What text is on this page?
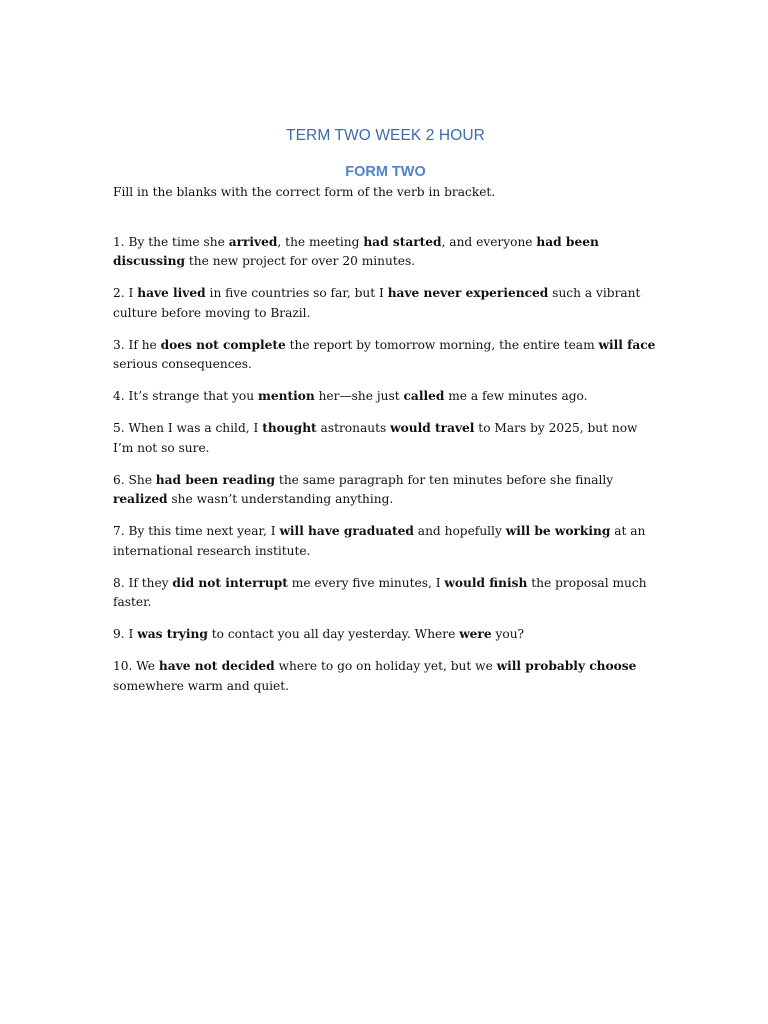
TERM TWO WEEK 2 HOUR
FORM TWO

Fill in the blanks with the correct form of the verb in bracket.

1. By the time she arrived, the meeting had started, and everyone had been discussing the new project for over 20 minutes.
2. I have lived in five countries so far, but I have never experienced such a vibrant culture before moving to Brazil.
3. If he does not complete the report by tomorrow morning, the entire team will face serious consequences.
4. It’s strange that you mention her—she just called me a few minutes ago.
5. When I was a child, I thought astronauts would travel to Mars by 2025, but now I’m not so sure.
6. She had been reading the same paragraph for ten minutes before she finally realized she wasn’t understanding anything.
7. By this time next year, I will have graduated and hopefully will be working at an international research institute.
8. If they did not interrupt me every five minutes, I would finish the proposal much faster.
9. I was trying to contact you all day yesterday. Where were you?
10. We have not decided where to go on holiday yet, but we will probably choose somewhere warm and quiet.
